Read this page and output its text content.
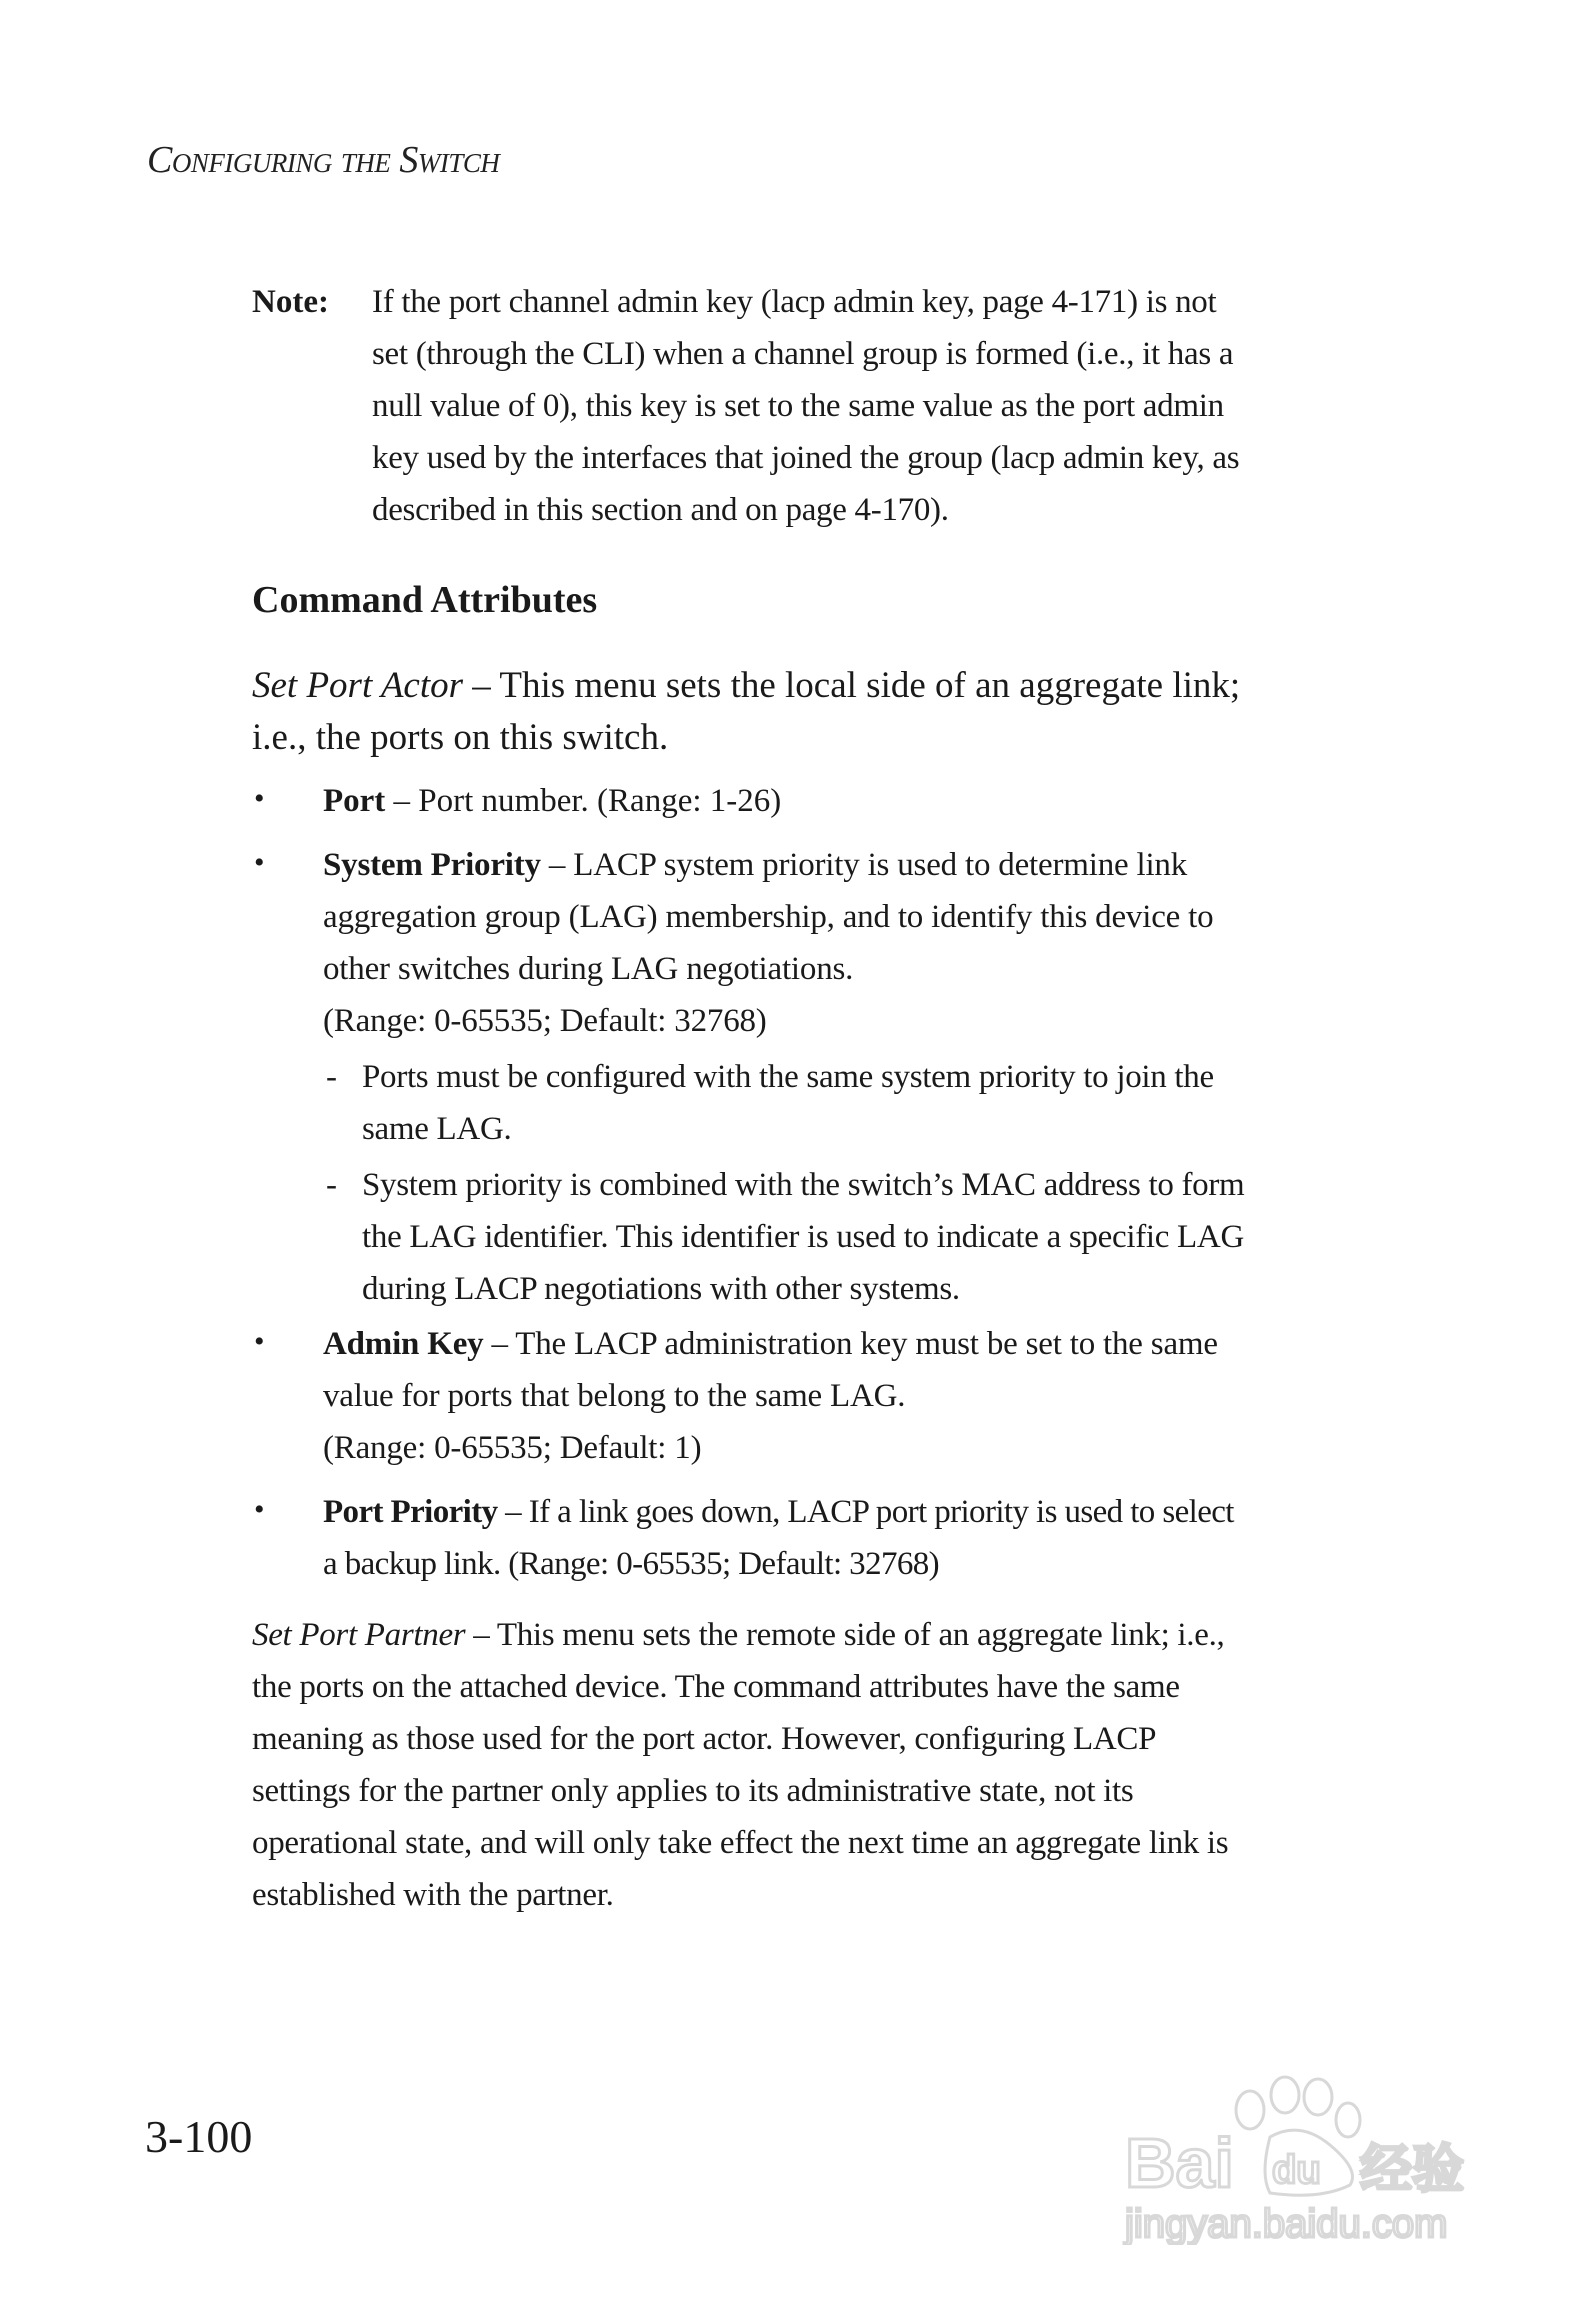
Configuring the Switch
Note: If the port channel admin key (lacp admin key, page 4-171) is not
set (through the CLI) when a channel group is formed (i.e., it has a
null value of 0), this key is set to the same value as the port admin
key used by the interfaces that joined the group (lacp admin key, as
described in this section and on page 4-170).
Command Attributes
Set Port Actor – This menu sets the local side of an aggregate link;
i.e., the ports on this switch.
• Port – Port number. (Range: 1-26)
• System Priority – LACP system priority is used to determine link
aggregation group (LAG) membership, and to identify this device to
other switches during LAG negotiations.
(Range: 0-65535; Default: 32768)
- Ports must be configured with the same system priority to join the
same LAG.
- System priority is combined with the switch’s MAC address to form
the LAG identifier. This identifier is used to indicate a specific LAG
during LACP negotiations with other systems.
• Admin Key – The LACP administration key must be set to the same
value for ports that belong to the same LAG.
(Range: 0-65535; Default: 1)
• Port Priority – If a link goes down, LACP port priority is used to select
a backup link. (Range: 0-65535; Default: 32768)
Set Port Partner – This menu sets the remote side of an aggregate link; i.e.,
the ports on the attached device. The command attributes have the same
meaning as those used for the port actor. However, configuring LACP
settings for the partner only applies to its administrative state, not its
operational state, and will only take effect the next time an aggregate link is
established with the partner.
3-100	Bai du 经验
jingyan.baidu.com
